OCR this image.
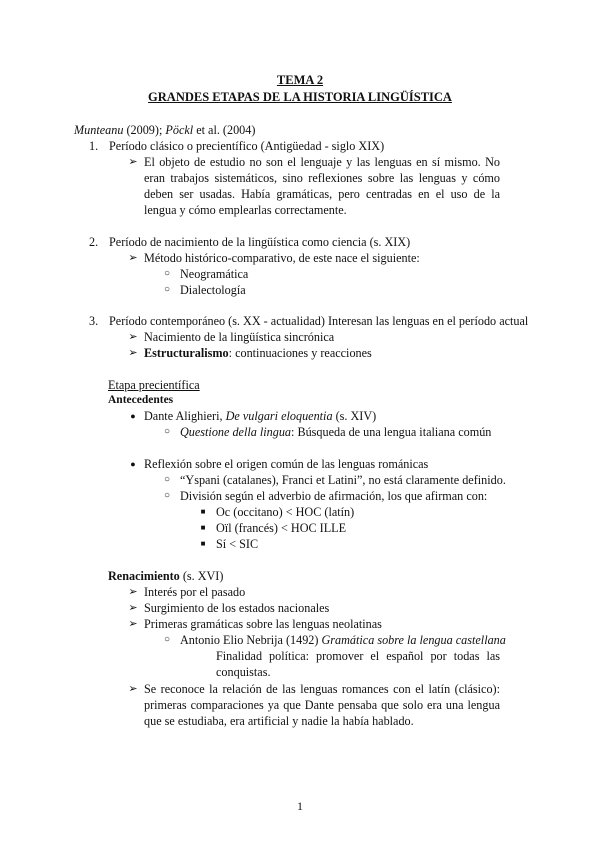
TEMA 2
GRANDES ETAPAS DE LA HISTORIA LINGÜÍSTICA
Munteanu (2009); Pöckl et al. (2004)
1. Período clásico o precientífico (Antigüedad - siglo XIX)
➢ El objeto de estudio no son el lenguaje y las lenguas en sí mismo. No eran trabajos sistemáticos, sino reflexiones sobre las lenguas y cómo deben ser usadas. Había gramáticas, pero centradas en el uso de la lengua y cómo emplearlas correctamente.
2. Período de nacimiento de la lingüística como ciencia (s. XIX)
➢ Método histórico-comparativo, de este nace el siguiente:
○ Neogramática
○ Dialectología
3. Período contemporáneo (s. XX - actualidad) Interesan las lenguas en el período actual
➢ Nacimiento de la lingüística sincrónica
➢ Estructuralismo: continuaciones y reacciones
Etapa precientífica
Antecedentes
● Dante Alighieri, De vulgari eloquentia (s. XIV)
○ Questione della lingua: Búsqueda de una lengua italiana común
● Reflexión sobre el origen común de las lenguas románicas
○ “Yspani (catalanes), Franci et Latini”, no está claramente definido.
○ División según el adverbio de afirmación, los que afirman con:
■ Oc (occitano) < HOC (latín)
■ Oïl (francés) < HOC ILLE
■ Sí < SIC
Renacimiento (s. XVI)
➢ Interés por el pasado
➢ Surgimiento de los estados nacionales
➢ Primeras gramáticas sobre las lenguas neolatinas
○ Antonio Elio Nebrija (1492) Gramática sobre la lengua castellana
Finalidad política: promover el español por todas las conquistas.
➢ Se reconoce la relación de las lenguas romances con el latín (clásico): primeras comparaciones ya que Dante pensaba que solo era una lengua que se estudiaba, era artificial y nadie la había hablado.
1
